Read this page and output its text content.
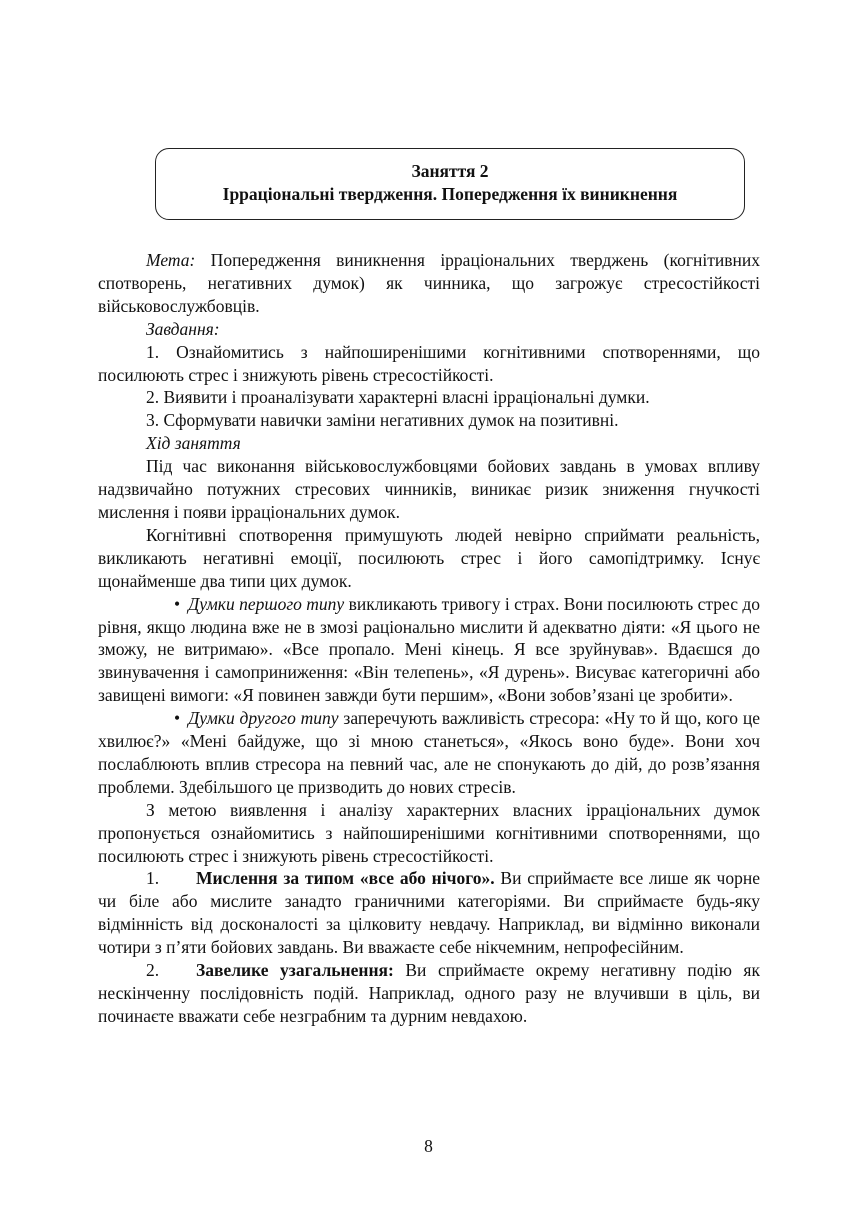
Заняття 2
Ірраціональні твердження. Попередження їх виникнення

Мета: Попередження виникнення ірраціональних тверджень (когнітивних спотворень, негативних думок) як чинника, що загрожує стресостійкості військовослужбовців.

Завдання:

1. Ознайомитись з найпоширенішими когнітивними спотвореннями, що посилюють стрес і знижують рівень стресостійкості.

2. Виявити і проаналізувати характерні власні ірраціональні думки.

3. Сформувати навички заміни негативних думок на позитивні.

Хід заняття

Під час виконання військовослужбовцями бойових завдань в умовах впливу надзвичайно потужних стресових чинників, виникає ризик зниження гнучкості мислення і появи ірраціональних думок.

Когнітивні спотворення примушують людей невірно сприймати реальність, викликають негативні емоції, посилюють стрес і його самопідтримку. Існує щонайменше два типи цих думок.

• Думки першого типу викликають тривогу і страх. Вони посилюють стрес до рівня, якщо людина вже не в змозі раціонально мислити й адекватно діяти: «Я цього не зможу, не витримаю». «Все пропало. Мені кінець. Я все зруйнував». Вдаєшся до звинувачення і самоприниження: «Він телепень», «Я дурень». Висуває категоричні або завищені вимоги: «Я повинен завжди бути першим», «Вони зобов’язані це зробити».

• Думки другого типу заперечують важливість стресора: «Ну то й що, кого це хвилює?» «Мені байдуже, що зі мною станеться», «Якось воно буде». Вони хоч послаблюють вплив стресора на певний час, але не спонукають до дій, до розв’язання проблеми. Здебільшого це призводить до нових стресів.

З метою виявлення і аналізу характерних власних ірраціональних думок пропонується ознайомитись з найпоширенішими когнітивними спотвореннями, що посилюють стрес і знижують рівень стресостійкості.

1. Мислення за типом «все або нічого». Ви сприймаєте все лише як чорне чи біле або мислите занадто граничними категоріями. Ви сприймаєте будь-яку відмінність від досконалості за цілковиту невдачу. Наприклад, ви відмінно виконали чотири з п’яти бойових завдань. Ви вважаєте себе нікчемним, непрофесійним.

2. Завелике узагальнення: Ви сприймаєте окрему негативну подію як нескінченну послідовність подій. Наприклад, одного разу не влучивши в ціль, ви починаєте вважати себе незграбним та дурним невдахою.

8
